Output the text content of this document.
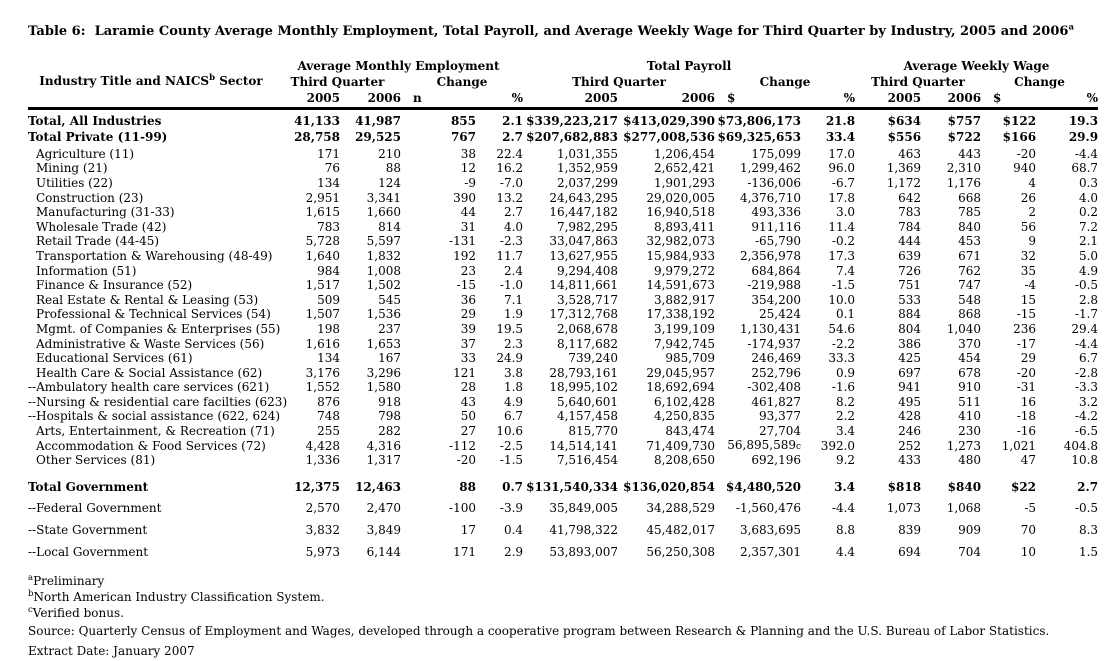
Table 6:  Laramie County Average Monthly Employment, Total Payroll, and Average Weekly Wage for Third Quarter by Industry, 2005 and 2006$^a$
Industry Title and NAICS$^b$ Sector	Average Monthly Employment				Total Payroll				Average Weekly Wage			
	Third Quarter		Change		Third Quarter		Change		Third Quarter		Change	
	2005	2006	n	%	2005	2006	$	%	2005	2006	$	%
Total, All Industries	41,133	41,987	855	2.1	$339,223,217	$413,029,390	$73,806,173	21.8	$634	$757	$122	19.3
Total Private (11-99)	28,758	29,525	767	2.7	$207,682,883	$277,008,536	$69,325,653	33.4	$556	$722	$166	29.9
Agriculture (11)	171	210	38	22.4	1,031,355	1,206,454	175,099	17.0	463	443	-20	-4.4
Mining (21)	76	88	12	16.2	1,352,959	2,652,421	1,299,462	96.0	1,369	2,310	940	68.7
Utilities (22)	134	124	-9	-7.0	2,037,299	1,901,293	-136,006	-6.7	1,172	1,176	4	0.3
Construction (23)	2,951	3,341	390	13.2	24,643,295	29,020,005	4,376,710	17.8	642	668	26	4.0
Manufacturing (31-33)	1,615	1,660	44	2.7	16,447,182	16,940,518	493,336	3.0	783	785	2	0.2
Wholesale Trade (42)	783	814	31	4.0	7,982,295	8,893,411	911,116	11.4	784	840	56	7.2
Retail Trade (44-45)	5,728	5,597	-131	-2.3	33,047,863	32,982,073	-65,790	-0.2	444	453	9	2.1
Transportation & Warehousing (48-49)	1,640	1,832	192	11.7	13,627,955	15,984,933	2,356,978	17.3	639	671	32	5.0
Information (51)	984	1,008	23	2.4	9,294,408	9,979,272	684,864	7.4	726	762	35	4.9
Finance & Insurance (52)	1,517	1,502	-15	-1.0	14,811,661	14,591,673	-219,988	-1.5	751	747	-4	-0.5
Real Estate & Rental & Leasing (53)	509	545	36	7.1	3,528,717	3,882,917	354,200	10.0	533	548	15	2.8
Professional & Technical Services (54)	1,507	1,536	29	1.9	17,312,768	17,338,192	25,424	0.1	884	868	-15	-1.7
Mgmt. of Companies & Enterprises (55)	198	237	39	19.5	2,068,678	3,199,109	1,130,431	54.6	804	1,040	236	29.4
Administrative & Waste Services (56)	1,616	1,653	37	2.3	8,117,682	7,942,745	-174,937	-2.2	386	370	-17	-4.4
Educational Services (61)	134	167	33	24.9	739,240	985,709	246,469	33.3	425	454	29	6.7
Health Care & Social Assistance (62)	3,176	3,296	121	3.8	28,793,161	29,045,957	252,796	0.9	697	678	-20	-2.8
--Ambulatory health care services (621)	1,552	1,580	28	1.8	18,995,102	18,692,694	-302,408	-1.6	941	910	-31	-3.3
--Nursing & residential care facilties (623)	876	918	43	4.9	5,640,601	6,102,428	461,827	8.2	495	511	16	3.2
--Hospitals & social assistance (622, 624)	748	798	50	6.7	4,157,458	4,250,835	93,377	2.2	428	410	-18	-4.2
Arts, Entertainment, & Recreation (71)	255	282	27	10.6	815,770	843,474	27,704	3.4	246	230	-16	-6.5
Accommodation & Food Services (72)	4,428	4,316	-112	-2.5	14,514,141	71,409,730	56,895,589c	392.0	252	1,273	1,021	404.8
Other Services (81)	1,336	1,317	-20	-1.5	7,516,454	8,208,650	692,196	9.2	433	480	47	10.8

Total Government	12,375	12,463	88	0.7	$131,540,334	$136,020,854	$4,480,520	3.4	$818	$840	$22	2.7
--Federal Government	2,570	2,470	-100	-3.9	35,849,005	34,288,529	-1,560,476	-4.4	1,073	1,068	-5	-0.5
--State Government	3,832	3,849	17	0.4	41,798,322	45,482,017	3,683,695	8.8	839	909	70	8.3
--Local Government	5,973	6,144	171	2.9	53,893,007	56,250,308	2,357,301	4.4	694	704	10	1.5
$^a$Preliminary
$^b$North American Industry Classification System.
$^c$Verified bonus.
Source: Quarterly Census of Employment and Wages, developed through a cooperative program between Research & Planning and the U.S. Bureau of Labor Statistics.
Extract Date: January 2007
